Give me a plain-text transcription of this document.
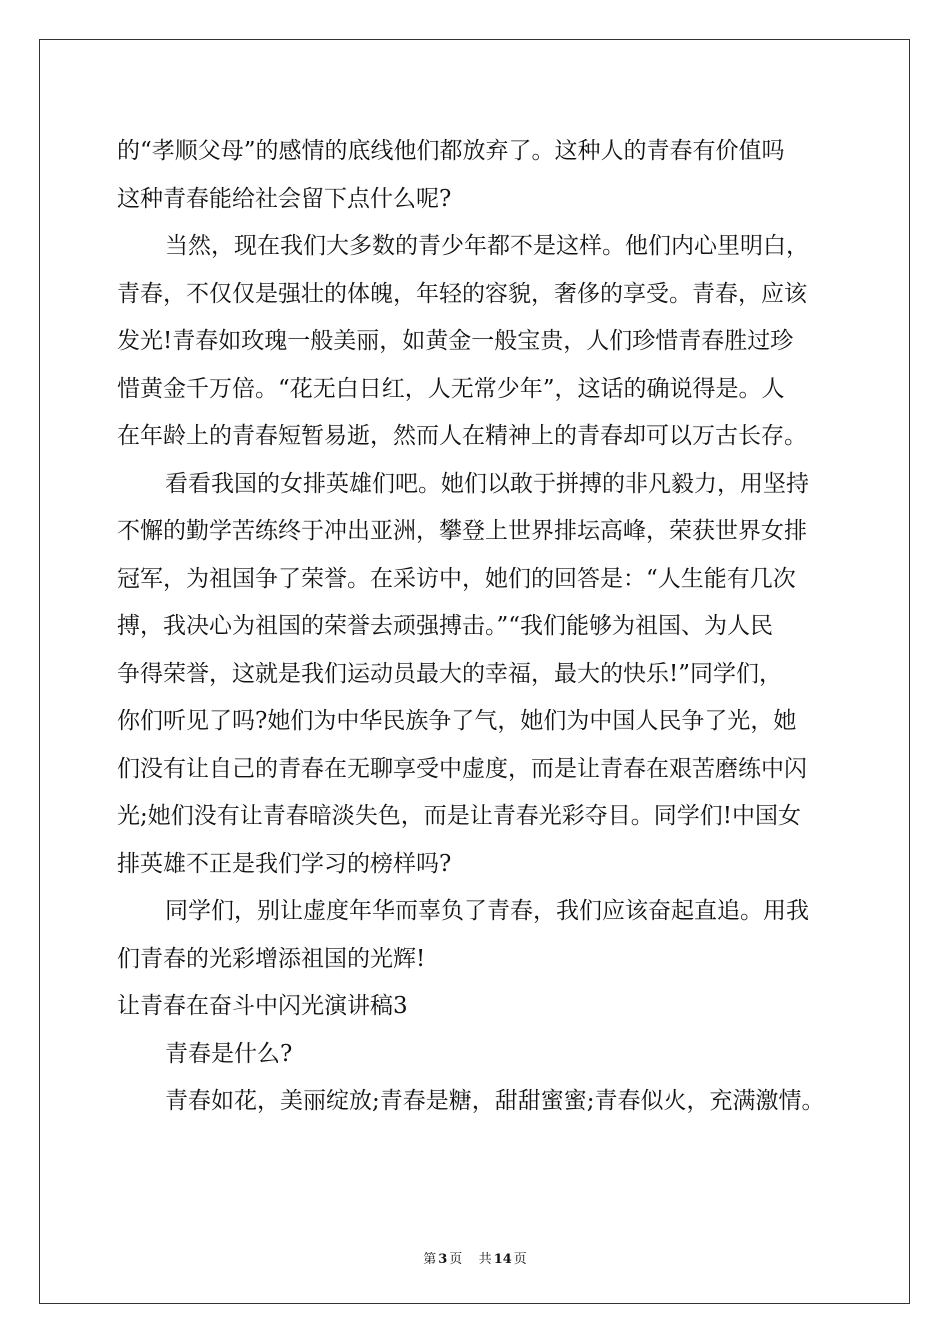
的“孝顺父母”的感情的底线他们都放弃了。这种人的青春有价值吗
这种青春能给社会留下点什么呢?
当然，现在我们大多数的青少年都不是这样。他们内心里明白，
青春，不仅仅是强壮的体魄，年轻的容貌，奢侈的享受。青春，应该
发光!青春如玫瑰一般美丽，如黄金一般宝贵，人们珍惜青春胜过珍
惜黄金千万倍。“花无白日红，人无常少年”，这话的确说得是。人
在年龄上的青春短暂易逝，然而人在精神上的青春却可以万古长存。
看看我国的女排英雄们吧。她们以敢于拼搏的非凡毅力，用坚持
不懈的勤学苦练终于冲出亚洲，攀登上世界排坛高峰，荣获世界女排
冠军，为祖国争了荣誉。在采访中，她们的回答是：“人生能有几次
搏，我决心为祖国的荣誉去顽强搏击。”“我们能够为祖国、为人民
争得荣誉，这就是我们运动员最大的幸福，最大的快乐!”同学们，
你们听见了吗?她们为中华民族争了气，她们为中国人民争了光，她
们没有让自己的青春在无聊享受中虚度，而是让青春在艰苦磨练中闪
光;她们没有让青春暗淡失色，而是让青春光彩夺目。同学们!中国女
排英雄不正是我们学习的榜样吗?
同学们，别让虚度年华而辜负了青春，我们应该奋起直追。用我
们青春的光彩增添祖国的光辉!
让青春在奋斗中闪光演讲稿3
青春是什么?
青春如花，美丽绽放;青春是糖，甜甜蜜蜜;青春似火，充满激情。
第 3 页 共 14 页
